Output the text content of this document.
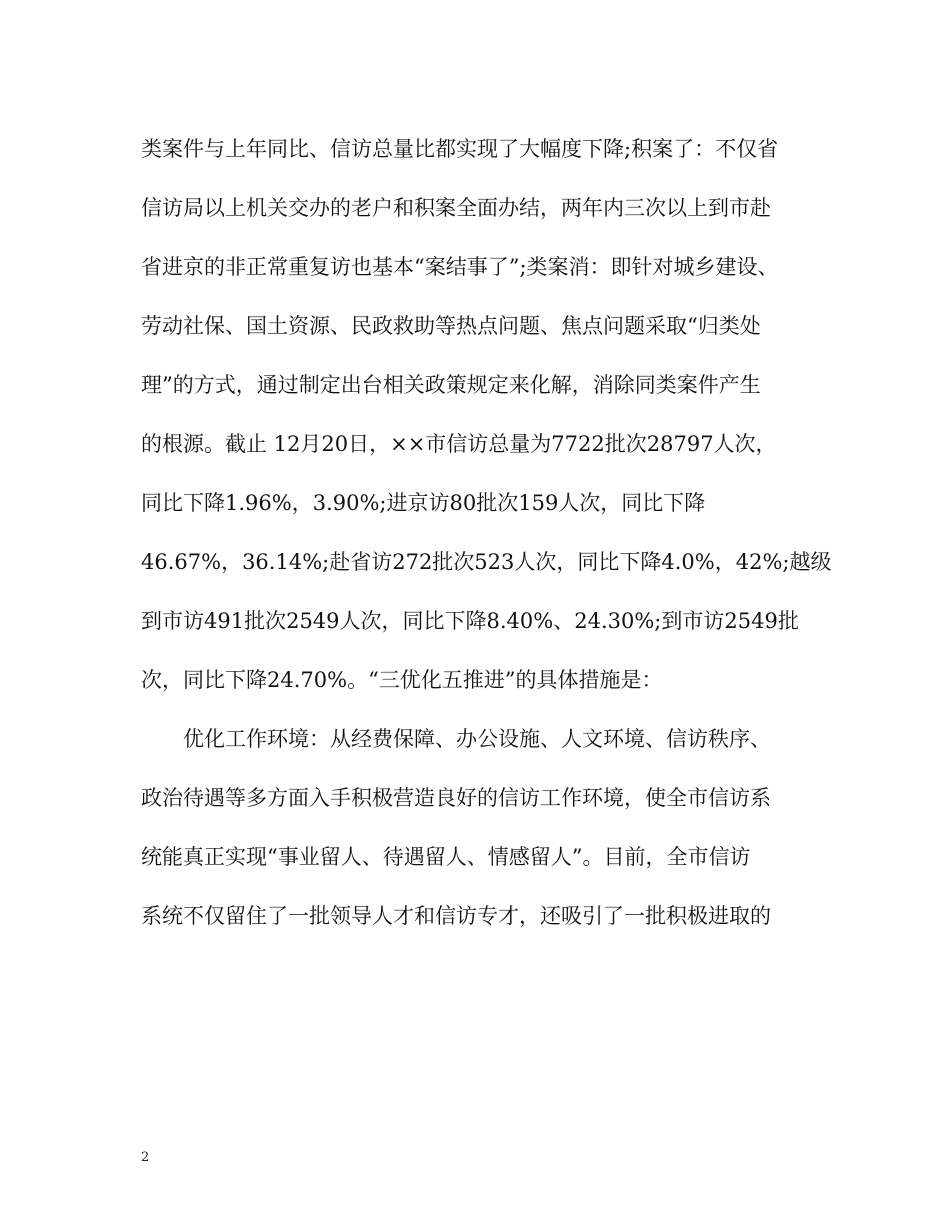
类案件与上年同比、信访总量比都实现了大幅度下降;积案了：不仅省
信访局以上机关交办的老户和积案全面办结，两年内三次以上到市赴
省进京的非正常重复访也基本“案结事了”;类案消：即针对城乡建设、
劳动社保、国土资源、民政救助等热点问题、焦点问题采取“归类处
理”的方式，通过制定出台相关政策规定来化解，消除同类案件产生
的根源。截止 12月20日，××市信访总量为7722批次28797人次，
同比下降1.96%，3.90%;进京访80批次159人次，同比下降
46.67%，36.14%;赴省访272批次523人次，同比下降4.0%，42%;越级
到市访491批次2549人次，同比下降8.40%、24.30%;到市访2549批
次，同比下降24.70%。“三优化五推进”的具体措施是：
优化工作环境：从经费保障、办公设施、人文环境、信访秩序、
政治待遇等多方面入手积极营造良好的信访工作环境，使全市信访系
统能真正实现“事业留人、待遇留人、情感留人”。目前，全市信访
系统不仅留住了一批领导人才和信访专才，还吸引了一批积极进取的
2
